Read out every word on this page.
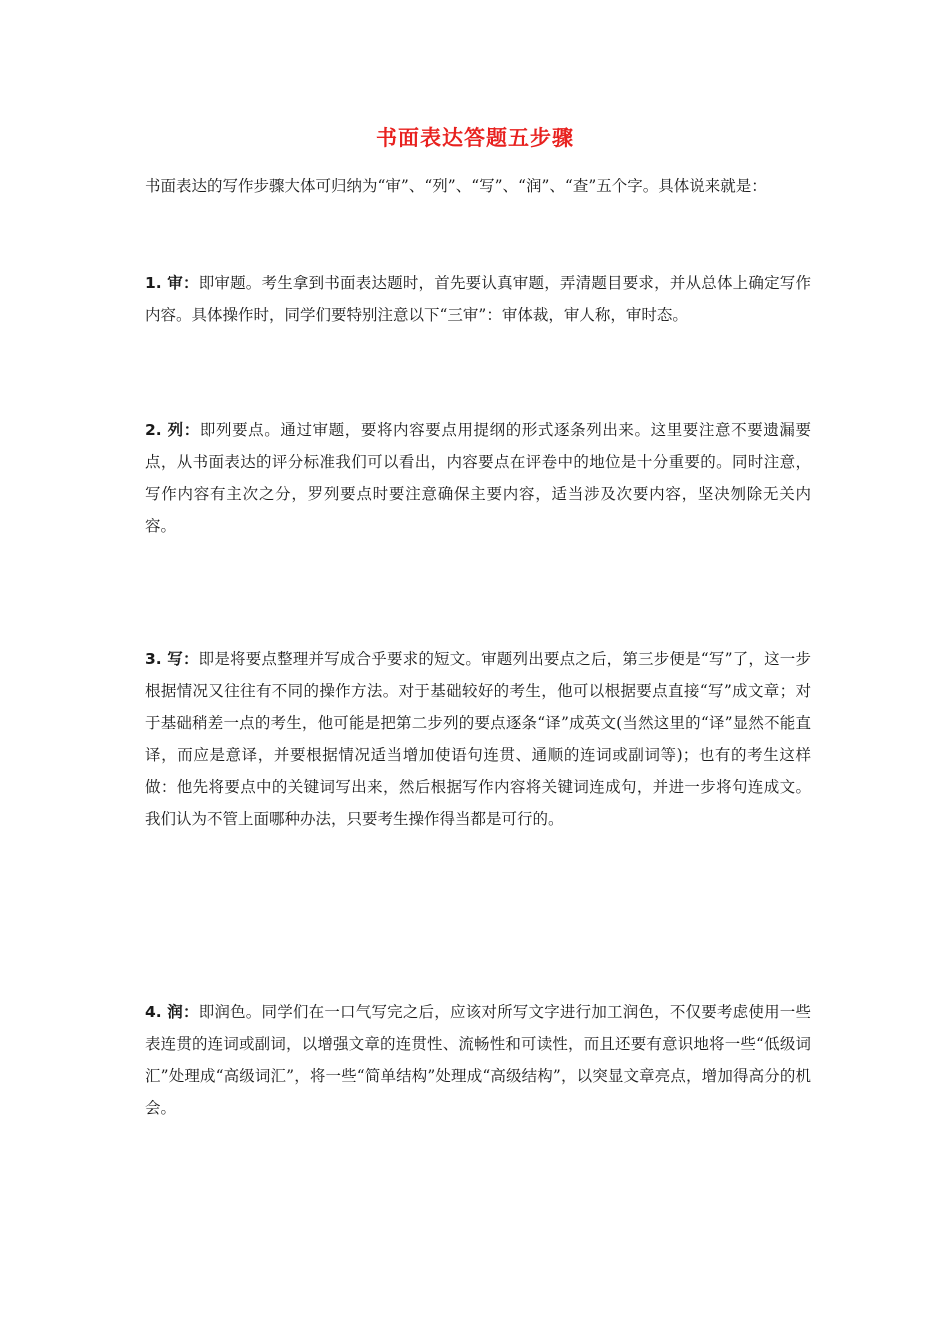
书面表达答题五步骤
书面表达的写作步骤大体可归纳为“审”、“列”、“写”、“润”、“查”五个字。具体说来就是：
1. 审：即审题。考生拿到书面表达题时，首先要认真审题，弄清题目要求，并从总体上确定写作内容。具体操作时，同学们要特别注意以下“三审”：审体裁，审人称，审时态。
2. 列：即列要点。通过审题，要将内容要点用提纲的形式逐条列出来。这里要注意不要遗漏要点，从书面表达的评分标准我们可以看出，内容要点在评卷中的地位是十分重要的。同时注意，写作内容有主次之分，罗列要点时要注意确保主要内容，适当涉及次要内容，坚决刎除无关内容。
3. 写：即是将要点整理并写成合乎要求的短文。审题列出要点之后，第三步便是“写”了，这一步根据情况又往往有不同的操作方法。对于基础较好的考生，他可以根据要点直接“写”成文章；对于基础稍差一点的考生，他可能是把第二步列的要点逐条“译”成英文(当然这里的“译”显然不能直译，而应是意译，并要根据情况适当增加使语句连贯、通顺的连词或副词等)；也有的考生这样做：他先将要点中的关键词写出来，然后根据写作内容将关键词连成句，并进一步将句连成文。我们认为不管上面哪种办法，只要考生操作得当都是可行的。
4. 润：即润色。同学们在一口气写完之后，应该对所写文字进行加工润色，不仅要考虑使用一些表连贯的连词或副词，以增强文章的连贯性、流畅性和可读性，而且还要有意识地将一些“低级词汇”处理成“高级词汇”，将一些“简单结构”处理成“高级结构”，以突显文章亮点，增加得高分的机会。
